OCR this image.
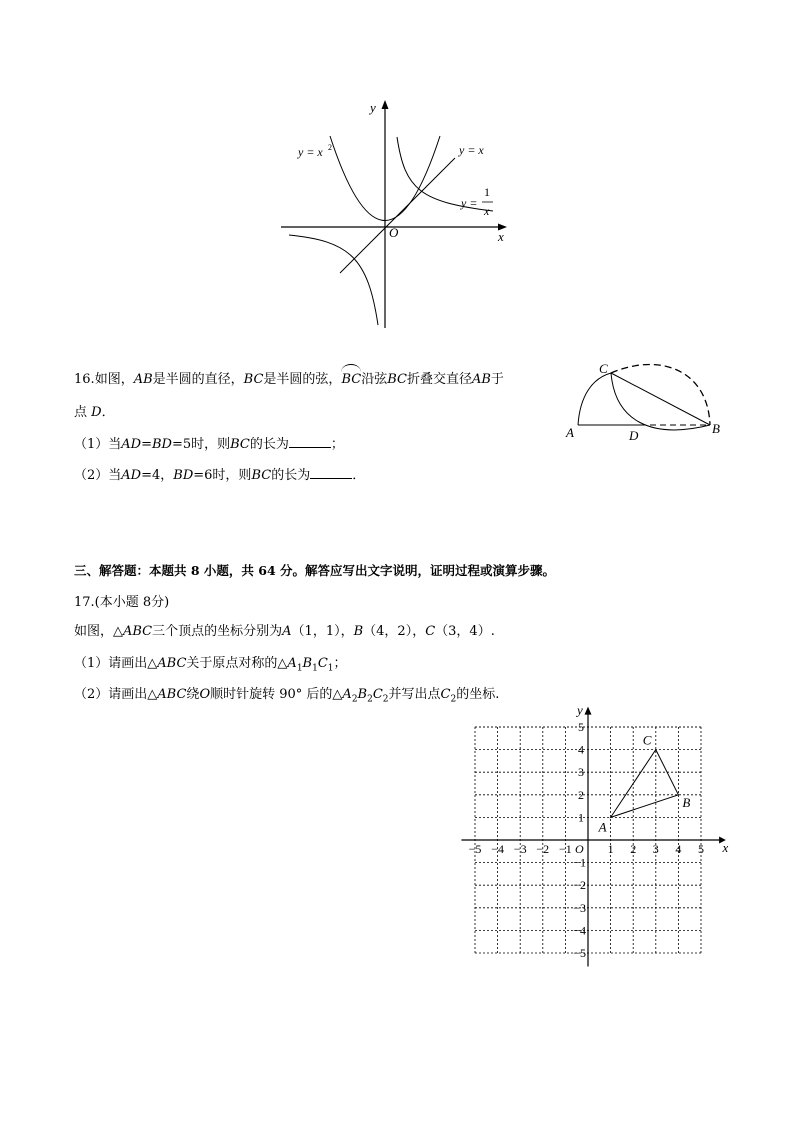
y
x
O
y = x 2	y = x
y =
1
x
16.如图，AB是半圆的直径，BC是半圆的弦，
BC沿弦BC折叠交直径AB于
点 D．
（1）当AD=BD=5时，则BC的长为	；
（2）当AD=4，BD=6时，则BC的长为	．
C
A	D	B
三、解答题：本题共 8 小题，共 64 分。解答应写出文字说明，证明过程或演算步骤。
17.(本小题 8分)
如图，△ABC三个顶点的坐标分别为A（1，1），B（4，2），C（3，4）.
（1）请画出△ABC关于原点对称的$\triangle A_1B_1C_1$；
（2）请画出△ABC绕O顺时针旋转 90° 后的$\triangle A_2B_2C_2$并写出点$C_2$的坐标.
x
y
O
−5 −4 −3 −2 −1	1 2 3 4 5
1
2
3
4
5
−1
−2
−3
−4
−5
A
B
C
